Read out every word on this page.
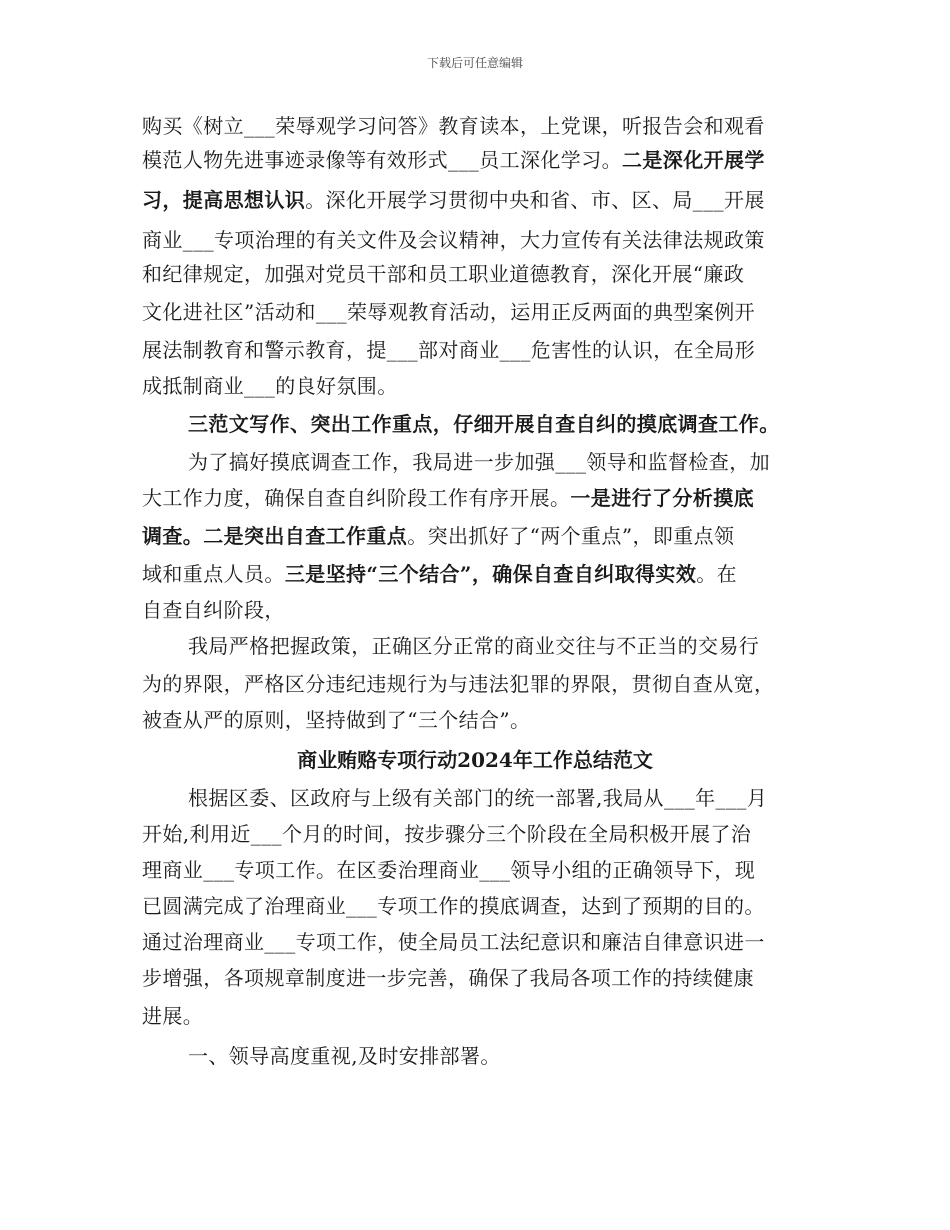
下载后可任意编辑
购买《树立___荣辱观学习问答》教育读本，上党课，听报告会和观看
模范人物先进事迹录像等有效形式___员工深化学习。二是深化开展学
习，提高思想认识。深化开展学习贯彻中央和省、市、区、局___开展
商业___专项治理的有关文件及会议精神，大力宣传有关法律法规政策
和纪律规定，加强对党员干部和员工职业道德教育，深化开展“廉政
文化进社区”活动和___荣辱观教育活动，运用正反两面的典型案例开
展法制教育和警示教育，提___部对商业___危害性的认识，在全局形
成抵制商业___的良好氛围。
三范文写作、突出工作重点，仔细开展自查自纠的摸底调查工作。
为了搞好摸底调查工作，我局进一步加强___领导和监督检查，加
大工作力度，确保自查自纠阶段工作有序开展。一是进行了分析摸底
调查。二是突出自查工作重点。突出抓好了“两个重点”，即重点领
域和重点人员。三是坚持“三个结合”，确保自查自纠取得实效。在
自查自纠阶段，
我局严格把握政策，正确区分正常的商业交往与不正当的交易行
为的界限，严格区分违纪违规行为与违法犯罪的界限，贯彻自查从宽，
被查从严的原则，坚持做到了“三个结合”。
商业贿赂专项行动2024年工作总结范文
根据区委、区政府与上级有关部门的统一部署,我局从___年___月
开始,利用近___个月的时间，按步骤分三个阶段在全局积极开展了治
理商业___专项工作。在区委治理商业___领导小组的正确领导下，现
已圆满完成了治理商业___专项工作的摸底调查，达到了预期的目的。
通过治理商业___专项工作，使全局员工法纪意识和廉洁自律意识进一
步增强，各项规章制度进一步完善，确保了我局各项工作的持续健康
进展。
一、领导高度重视,及时安排部署。
